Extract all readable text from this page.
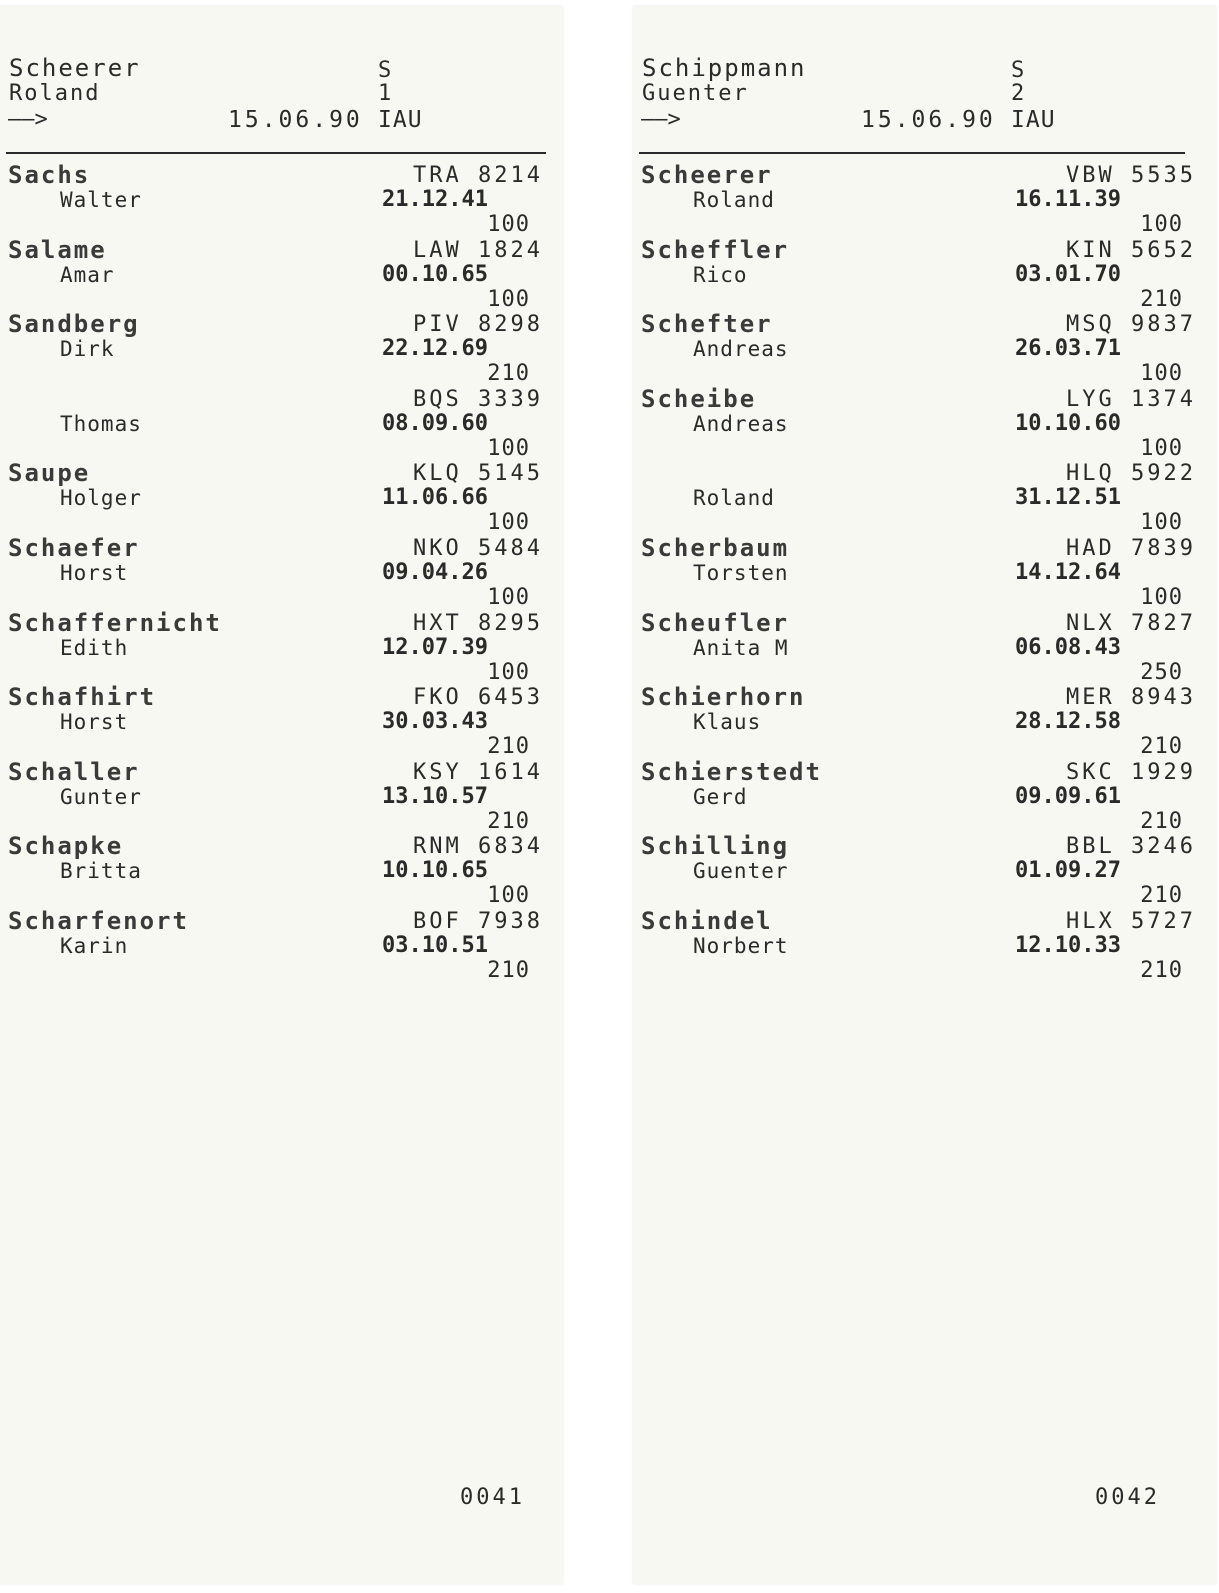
Scheerer
Roland
——>	15.06.90
S
1
IAU
Sachs
Walter
TRA 8214
21.12.41
100
Salame
Amar
LAW 1824
00.10.65
100
Sandberg
Dirk
PIV 8298
22.12.69
210
Thomas
BQS 3339
08.09.60
100
Saupe
Holger
KLQ 5145
11.06.66
100
Schaefer
Horst
NKO 5484
09.04.26
100
Schaffernicht
Edith
HXT 8295
12.07.39
100
Schafhirt
Horst
FKO 6453
30.03.43
210
Schaller
Gunter
KSY 1614
13.10.57
210
Schapke
Britta
RNM 6834
10.10.65
100
Scharfenort
Karin
BOF 7938
03.10.51
210
0041
Schippmann
Guenter
——>	15.06.90
S
2
IAU
Scheerer
Roland
VBW 5535
16.11.39
100
Scheffler
Rico
KIN 5652
03.01.70
210
Schefter
Andreas
MSQ 9837
26.03.71
100
Scheibe
Andreas
LYG 1374
10.10.60
100
Roland
HLQ 5922
31.12.51
100
Scherbaum
Torsten
HAD 7839
14.12.64
100
Scheufler
Anita M
NLX 7827
06.08.43
250
Schierhorn
Klaus
MER 8943
28.12.58
210
Schierstedt
Gerd
SKC 1929
09.09.61
210
Schilling
Guenter
BBL 3246
01.09.27
210
Schindel
Norbert
HLX 5727
12.10.33
210
0042
